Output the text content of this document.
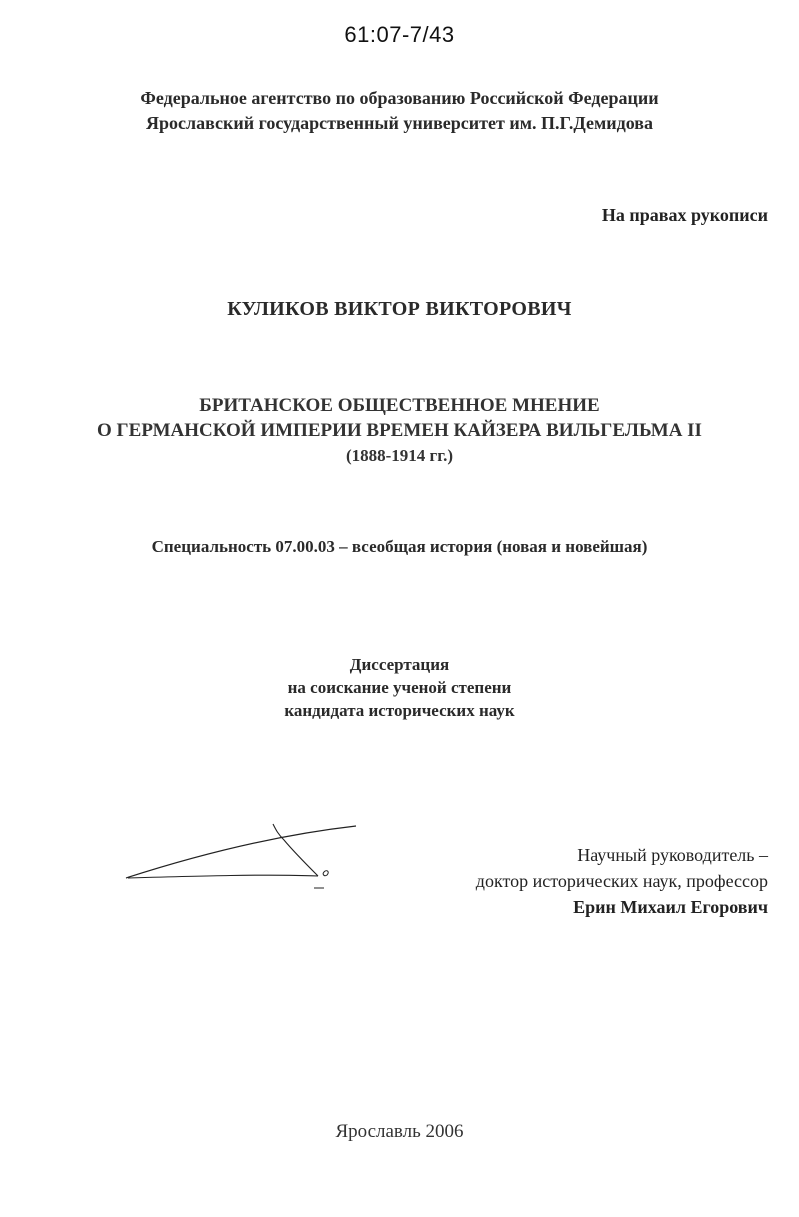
61:07-7/43
Федеральное агентство по образованию Российской Федерации
Ярославский государственный университет им. П.Г.Демидова
На правах рукописи
КУЛИКОВ ВИКТОР ВИКТОРОВИЧ
БРИТАНСКОЕ ОБЩЕСТВЕННОЕ МНЕНИЕ
О ГЕРМАНСКОЙ ИМПЕРИИ ВРЕМЕН КАЙЗЕРА ВИЛЬГЕЛЬМА II
(1888-1914 гг.)
Специальность 07.00.03 – всеобщая история (новая и новейшая)
Диссертация
на соискание ученой степени
кандидата исторических наук
Научный руководитель –
доктор исторических наук, профессор
Ерин Михаил Егорович
Ярославль 2006
